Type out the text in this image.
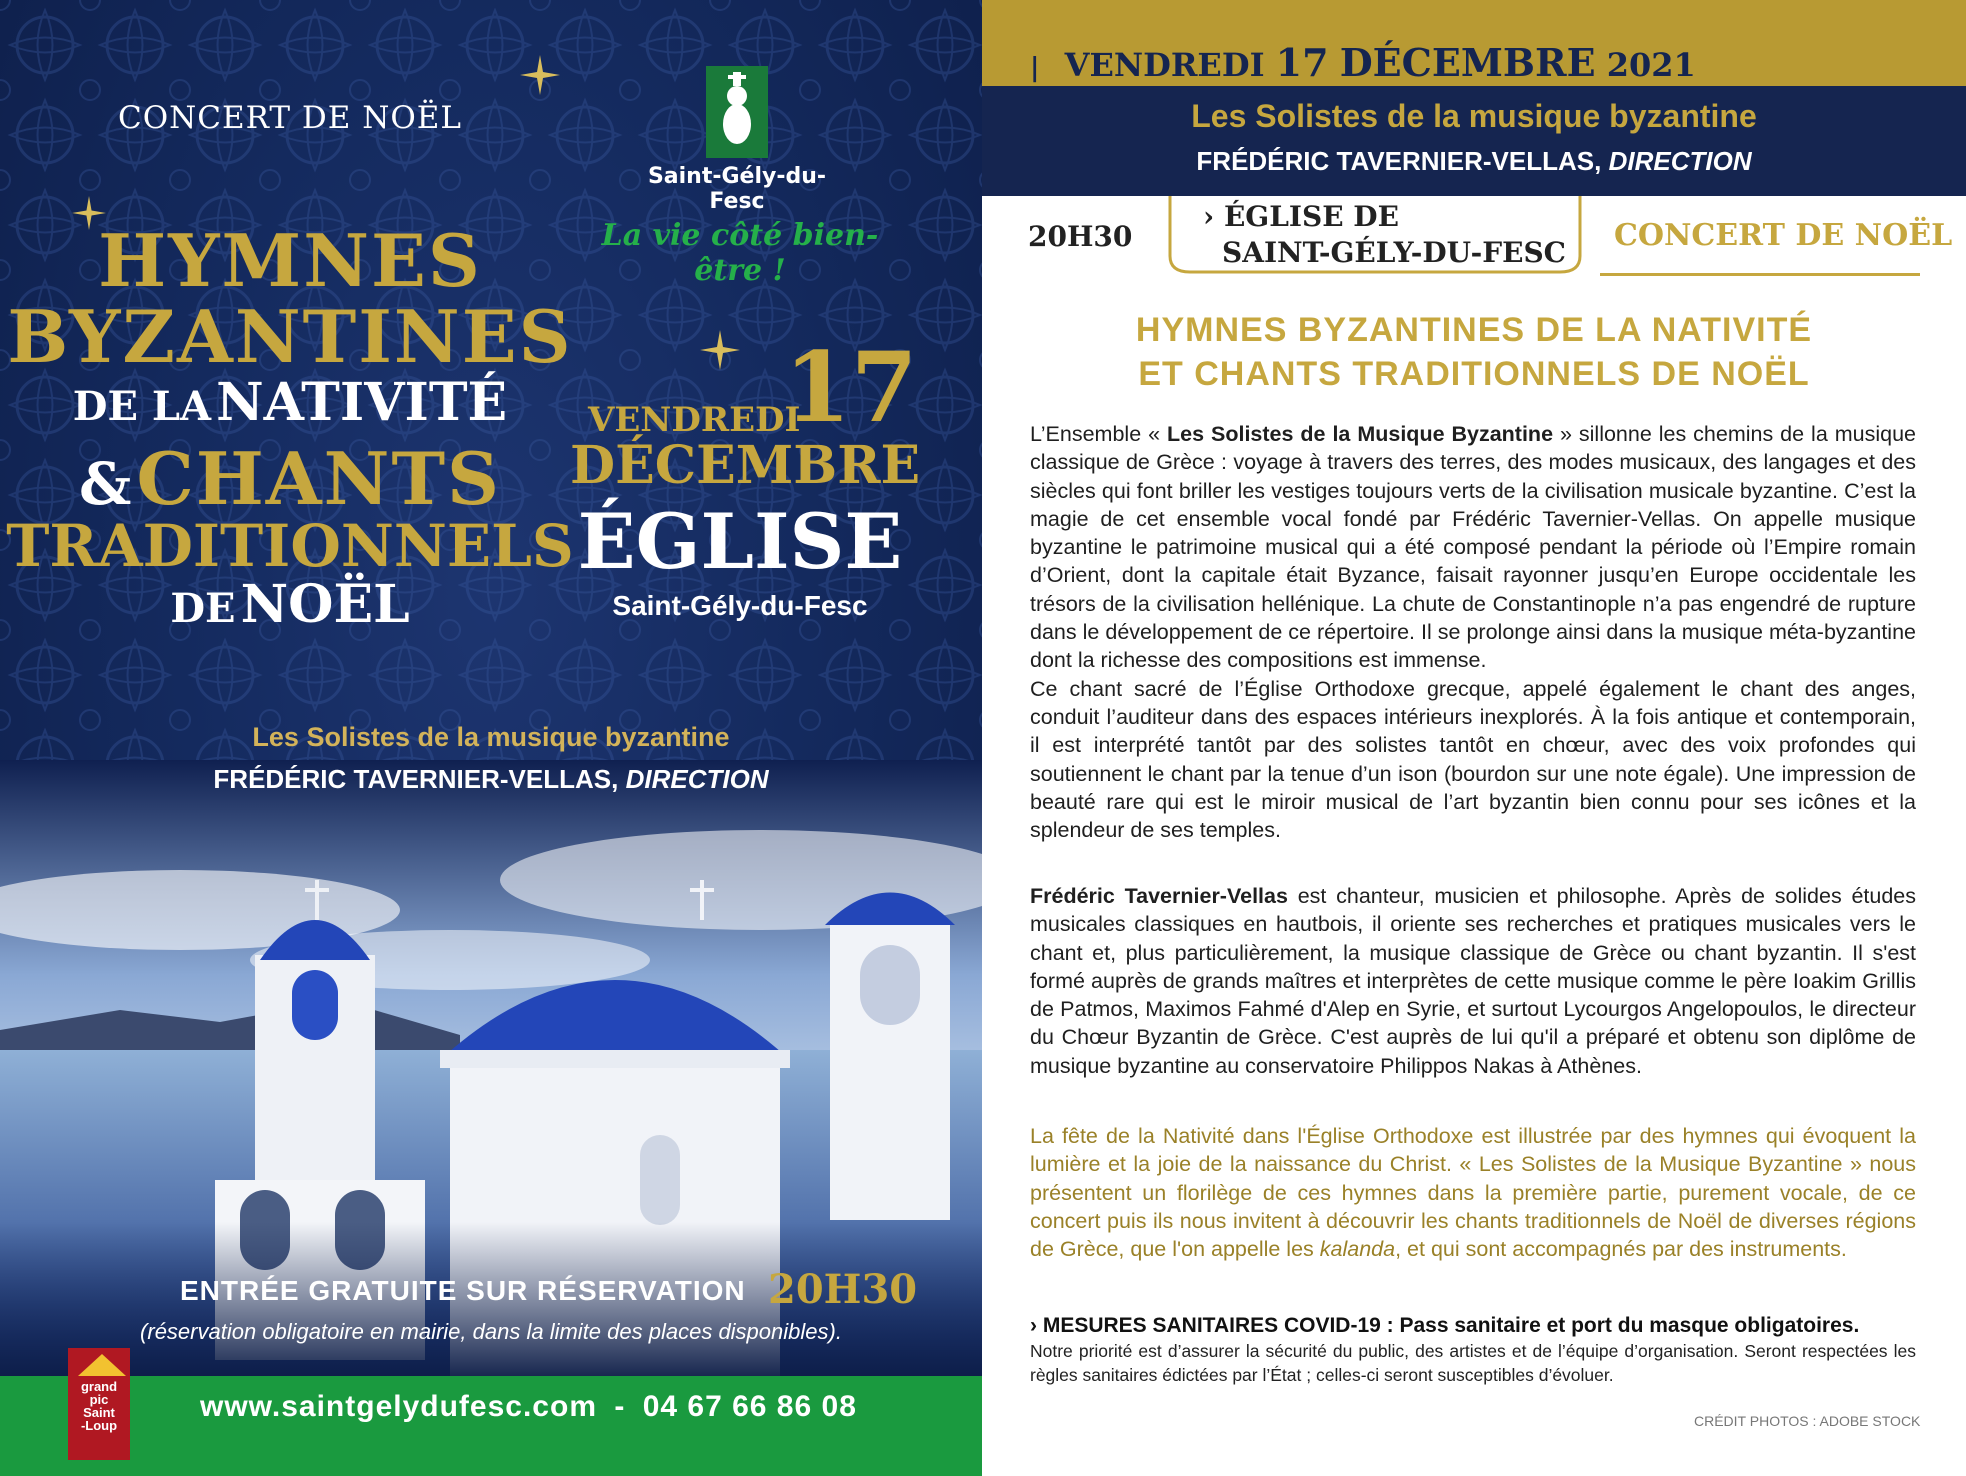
CONCERT DE NOËL
Saint-Gély-du-Fesc
La vie côté bien-être !
HYMNES
BYZANTINES
DE LA NATIVITÉ
& CHANTS
TRADITIONNELS
DE NOËL
VENDREDI
17
DÉCEMBRE
ÉGLISE
Saint-Gély-du-Fesc
Les Solistes de la musique byzantine
FRÉDÉRIC TAVERNIER-VELLAS, DIRECTION
ENTRÉE GRATUITE SUR RÉSERVATION 20H30
(réservation obligatoire en mairie, dans la limite des places disponibles).
www.saintgelydufesc.com - 04 67 66 86 08
grand
pic
Saint
-Loup
| VENDREDI 17 DÉCEMBRE 2021
Les Solistes de la musique byzantine
FRÉDÉRIC TAVERNIER-VELLAS, DIRECTION
20H30
› ÉGLISE DE
SAINT-GÉLY-DU-FESC CONCERT DE NOËL
HYMNES BYZANTINES DE LA NATIVITÉ
ET CHANTS TRADITIONNELS DE NOËL
L’Ensemble « Les Solistes de la Musique Byzantine » sillonne les chemins de la musique classique de Grèce : voyage à travers des terres, des modes musicaux, des langages et des siècles qui font briller les vestiges toujours verts de la civilisation musicale byzantine. C’est la magie de cet ensemble vocal fondé par Frédéric Tavernier-Vellas. On appelle musique byzantine le patrimoine musical qui a été composé pendant la période où l’Empire romain d’Orient, dont la capitale était Byzance, faisait rayonner jusqu’en Europe occidentale les trésors de la civilisation hellénique. La chute de Constantinople n’a pas engendré de rupture dans le développement de ce répertoire. Il se prolonge ainsi dans la musique méta-byzantine dont la richesse des compositions est immense.
Ce chant sacré de l’Église Orthodoxe grecque, appelé également le chant des anges, conduit l’auditeur dans des espaces intérieurs inexplorés. À la fois antique et contemporain, il est interprété tantôt par des solistes tantôt en chœur, avec des voix profondes qui soutiennent le chant par la tenue d’un ison (bourdon sur une note égale). Une impression de beauté rare qui est le miroir musical de l’art byzantin bien connu pour ses icônes et la splendeur de ses temples.
Frédéric Tavernier-Vellas est chanteur, musicien et philosophe. Après de solides études musicales classiques en hautbois, il oriente ses recherches et pratiques musicales vers le chant et, plus particulièrement, la musique classique de Grèce ou chant byzantin. Il s'est formé auprès de grands maîtres et interprètes de cette musique comme le père Ioakim Grillis de Patmos, Maximos Fahmé d'Alep en Syrie, et surtout Lycourgos Angelopoulos, le directeur du Chœur Byzantin de Grèce. C'est auprès de lui qu'il a préparé et obtenu son diplôme de musique byzantine au conservatoire Philippos Nakas à Athènes.
La fête de la Nativité dans l'Église Orthodoxe est illustrée par des hymnes qui évoquent la lumière et la joie de la naissance du Christ. « Les Solistes de la Musique Byzantine » nous présentent un florilège de ces hymnes dans la première partie, purement vocale, de ce concert puis ils nous invitent à découvrir les chants traditionnels de Noël de diverses régions de Grèce, que l'on appelle les kalanda, et qui sont accompagnés par des instruments.
› MESURES SANITAIRES COVID-19 : Pass sanitaire et port du masque obligatoires.
Notre priorité est d’assurer la sécurité du public, des artistes et de l’équipe d’organisation. Seront respectées les règles sanitaires édictées par l’État ; celles-ci seront susceptibles d’évoluer.
CRÉDIT PHOTOS : ADOBE STOCK
